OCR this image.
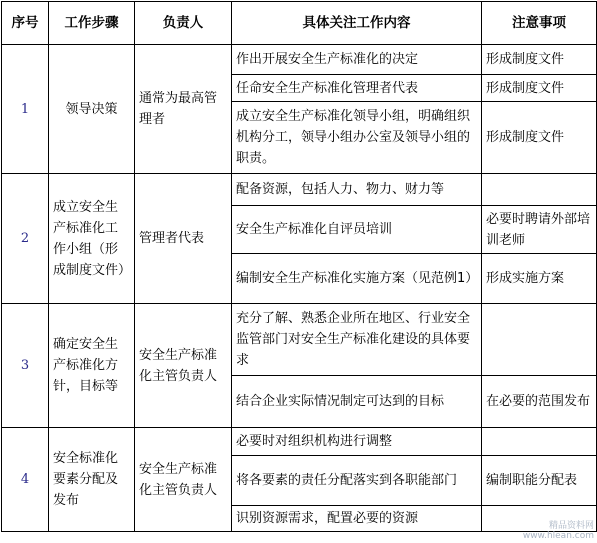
序号	工作步骤	负责人	具体关注工作内容	注意事项
1	领导决策	通常为最高管理者	作出开展安全生产标准化的决定	形成制度文件
			任命安全生产标准化管理者代表	形成制度文件
			成立安全生产标准化领导小组，明确组织机构分工，领导小组办公室及领导小组的职责。	形成制度文件
2	成立安全生产标准化工作小组（形成制度文件）	管理者代表	配备资源，包括人力、物力、财力等	
			安全生产标准化自评员培训	必要时聘请外部培训老师
			编制安全生产标准化实施方案（见范例1）	形成实施方案
3	确定安全生产标准化方针，目标等	安全生产标准化主管负责人	充分了解、熟悉企业所在地区、行业安全监管部门对安全生产标准化建设的具体要求	
			结合企业实际情况制定可达到的目标	在必要的范围发布
4	安全标准化要素分配及发布	安全生产标准化主管负责人	必要时对组织机构进行调整	
			将各要素的责任分配落实到各职能部门	编制职能分配表
			识别资源需求，配置必要的资源		精品资料网
www.hlean.com
